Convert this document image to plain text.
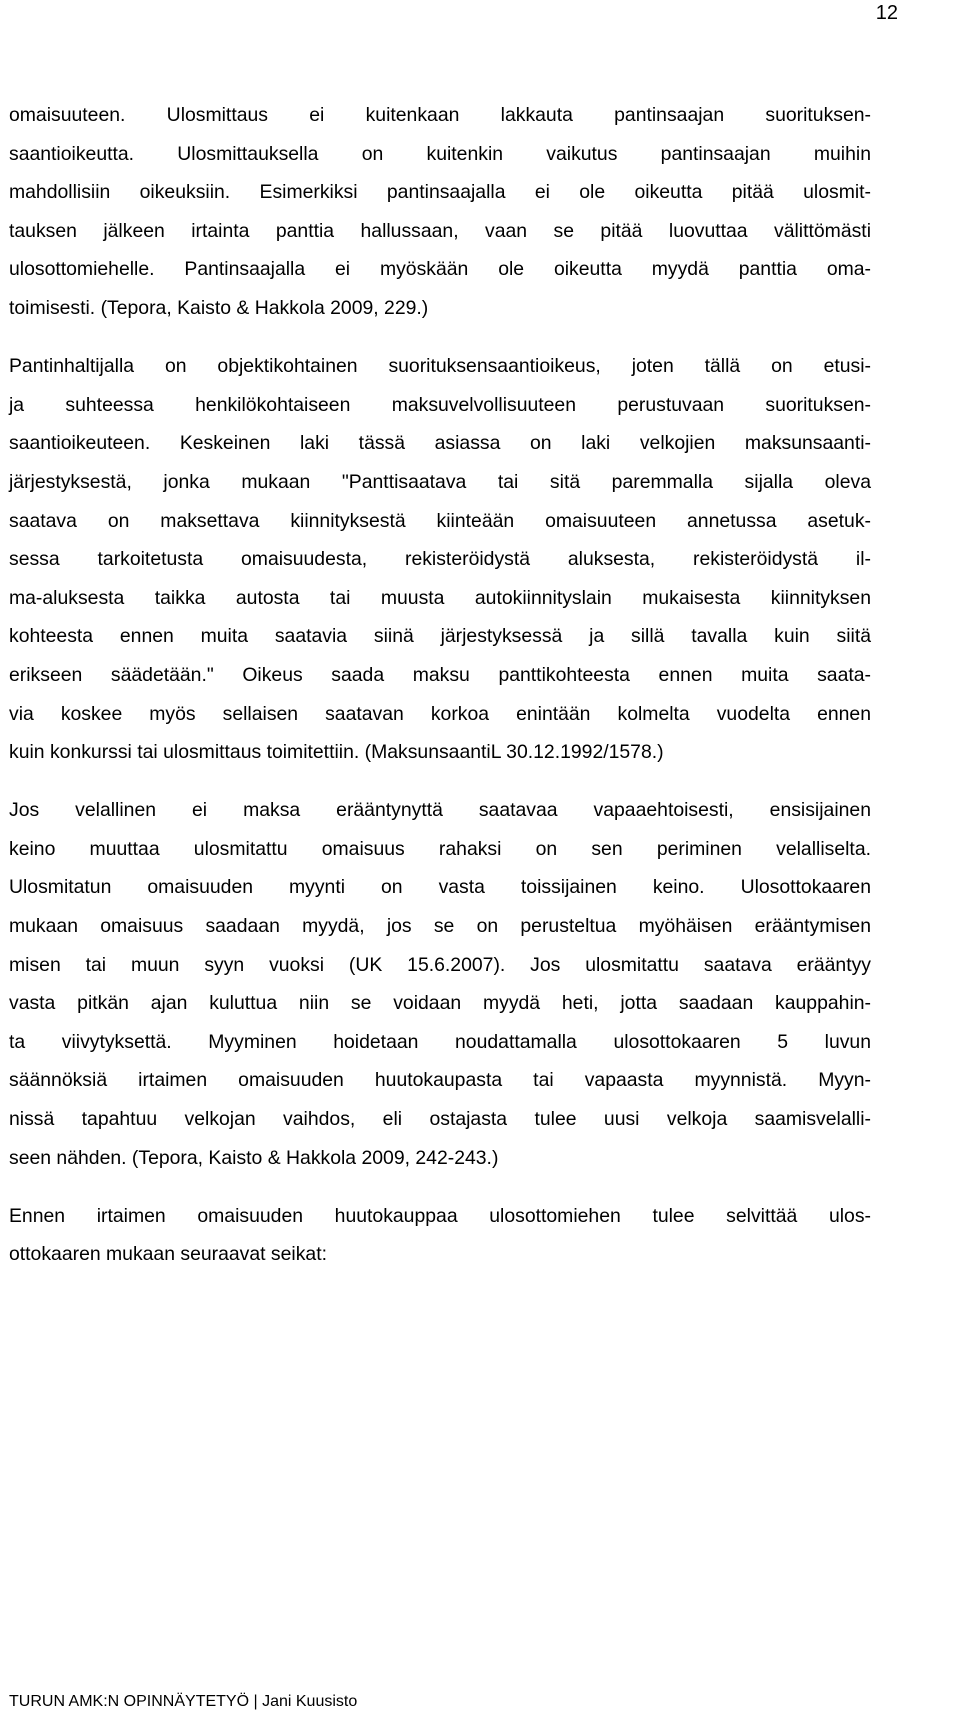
12
omaisuuteen. Ulosmittaus ei kuitenkaan lakkauta pantinsaajan suorituksen-
saantioikeutta. Ulosmittauksella on kuitenkin vaikutus pantinsaajan muihin
mahdollisiin oikeuksiin. Esimerkiksi pantinsaajalla ei ole oikeutta pitää ulosmit-
tauksen jälkeen irtainta panttia hallussaan, vaan se pitää luovuttaa välittömästi
ulosottomiehelle. Pantinsaajalla ei myöskään ole oikeutta myydä panttia oma-
toimisesti. (Tepora, Kaisto & Hakkola 2009, 229.)
Pantinhaltijalla on objektikohtainen suorituksensaantioikeus, joten tällä on etusi-
ja suhteessa henkilökohtaiseen maksuvelvollisuuteen perustuvaan suorituksen-
saantioikeuteen. Keskeinen laki tässä asiassa on laki velkojien maksunsaanti-
järjestyksestä, jonka mukaan "Panttisaatava tai sitä paremmalla sijalla oleva
saatava on maksettava kiinnityksestä kiinteään omaisuuteen annetussa asetuk-
sessa tarkoitetusta omaisuudesta, rekisteröidystä aluksesta, rekisteröidystä il-
ma-aluksesta taikka autosta tai muusta autokiinnityslain mukaisesta kiinnityksen
kohteesta ennen muita saatavia siinä järjestyksessä ja sillä tavalla kuin siitä
erikseen säädetään." Oikeus saada maksu panttikohteesta ennen muita saata-
via koskee myös sellaisen saatavan korkoa enintään kolmelta vuodelta ennen
kuin konkurssi tai ulosmittaus toimitettiin. (MaksunsaantiL 30.12.1992/1578.)
Jos velallinen ei maksa erääntynyttä saatavaa vapaaehtoisesti, ensisijainen
keino muuttaa ulosmitattu omaisuus rahaksi on sen periminen velalliselta.
Ulosmitatun omaisuuden myynti on vasta toissijainen keino. Ulosottokaaren
mukaan omaisuus saadaan myydä, jos se on perusteltua myöhäisen erääntymisen
misen tai muun syyn vuoksi (UK 15.6.2007). Jos ulosmitattu saatava erääntyy
vasta pitkän ajan kuluttua niin se voidaan myydä heti, jotta saadaan kauppahin-
ta viivytyksettä. Myyminen hoidetaan noudattamalla ulosottokaaren 5 luvun
säännöksiä irtaimen omaisuuden huutokaupasta tai vapaasta myynnistä. Myyn-
nissä tapahtuu velkojan vaihdos, eli ostajasta tulee uusi velkoja saamisvelalli-
seen nähden. (Tepora, Kaisto & Hakkola 2009, 242-243.)
Ennen irtaimen omaisuuden huutokauppaa ulosottomiehen tulee selvittää ulos-
ottokaaren mukaan seuraavat seikat:
TURUN AMK:N OPINNÄYTETYÖ | Jani Kuusisto
